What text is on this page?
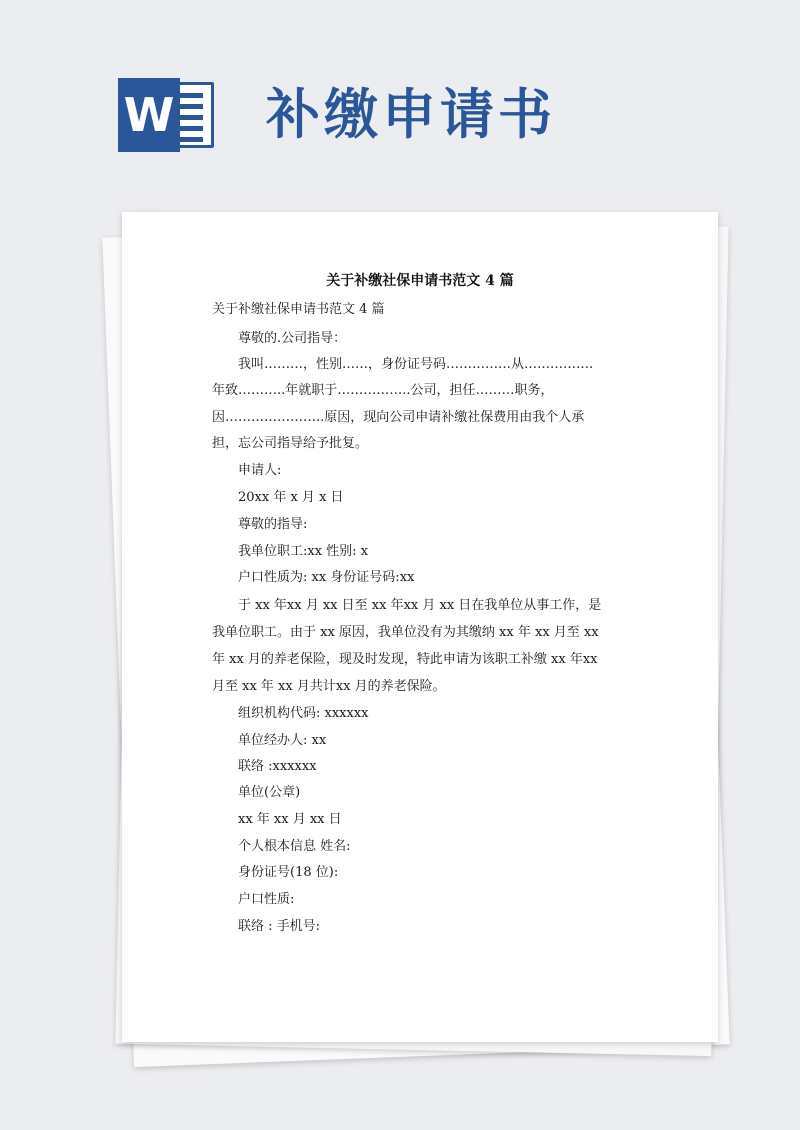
W 补缴申请书
关于补缴社保申请书范文 4 篇
关于补缴社保申请书范文 4 篇
尊敬的.公司指导：
我叫………，性别……，身份证号码……………从…………….
年致………..年就职于……………..公司，担任………职务，
因…………………..原因，现向公司申请补缴社保费用由我个人承
担，忘公司指导给予批复。
申请人:
20xx 年 x 月 x 日
尊敬的指导:
我单位职工:xx 性别: x
户口性质为: xx 身份证号码:xx
于 xx 年xx 月 xx 日至 xx 年xx 月 xx 日在我单位从事工作，是
我单位职工。由于 xx 原因，我单位没有为其缴纳 xx 年 xx 月至 xx
年 xx 月的养老保险，现及时发现，特此申请为该职工补缴 xx 年xx
月至 xx 年 xx 月共计xx 月的养老保险。
组织机构代码: xxxxxx
单位经办人: xx
联络 :xxxxxx
单位(公章)
xx 年 xx 月 xx 日
个人根本信息 姓名:
身份证号(18 位):
户口性质:
联络 : 手机号:
